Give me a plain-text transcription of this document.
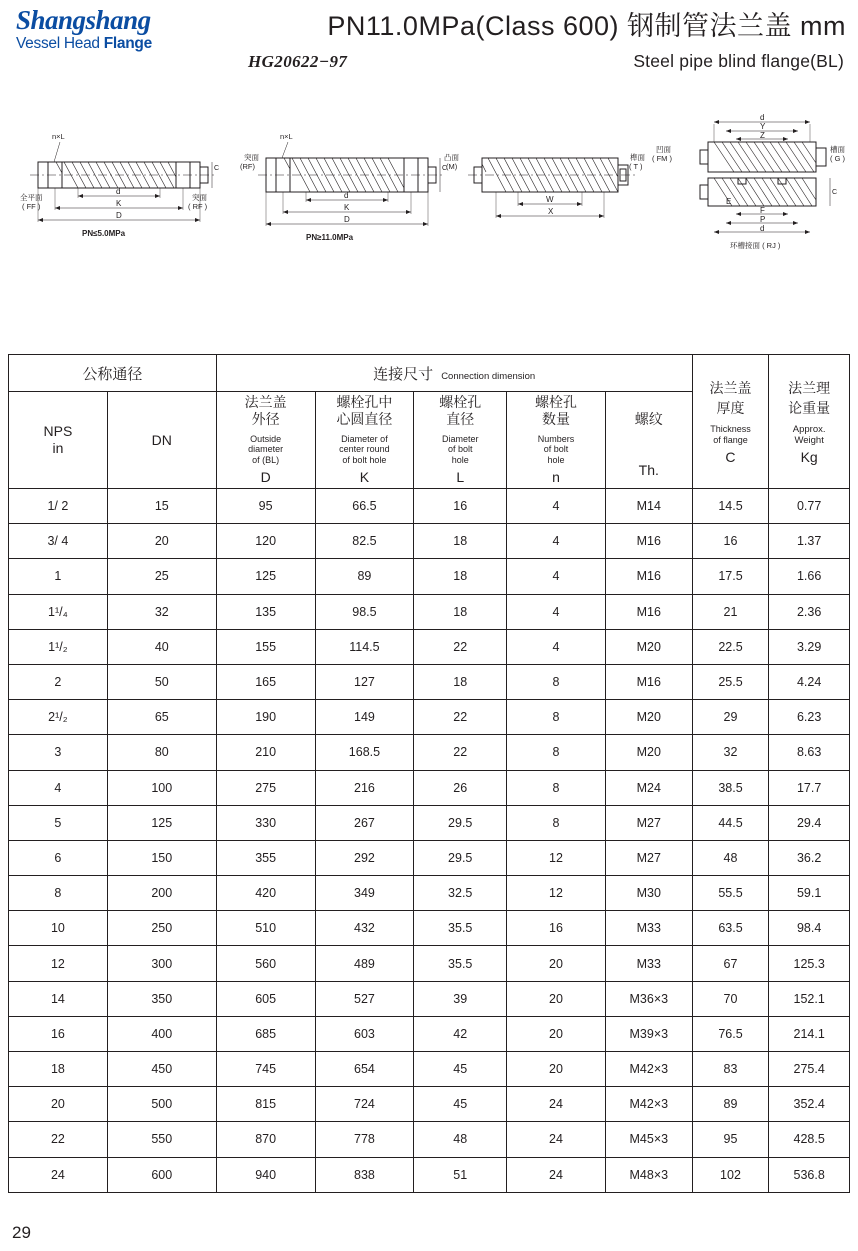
Shangshang
Vessel Head Flange
PN11.0MPa(Class 600) 钢制管法兰盖 mm
HG20622−97	Steel pipe blind flange(BL)
d
K
D
n×L
C
全平面
( FF )
突面
( RF )
PN≤5.0MPa
d
K
D
n×L
C
突面
(RF)
PN≥11.0MPa
W
X
凸面
(M)
榫面
( T )
d
Y
Z
凹面
( FM )
槽面
( G )
F
P
d
E
C
环槽接面 ( RJ )
公称通径	连接尺寸 Connection dimension	
法兰盖
厚度
Thickness
of flange
C

法兰理
论重量
Approx.
Weight
Kg

NPS
in

DN

法兰盖
外径
Outside
diameter
of (BL)
D

螺栓孔中
心圆直径
Diameter of
center round
of bolt hole
K

螺栓孔
直径
Diameter
of bolt
hole
L

螺栓孔
数量
Numbers
of bolt
hole
n

螺纹
Th.

1/ 2	15	95	66.5	16	4	M14	14.5	0.77
3/ 4	20	120	82.5	18	4	M16	16	1.37
1	25	125	89	18	4	M16	17.5	1.66
1¹/₄	32	135	98.5	18	4	M16	21	2.36
1¹/₂	40	155	114.5	22	4	M20	22.5	3.29
2	50	165	127	18	8	M16	25.5	4.24
2¹/₂	65	190	149	22	8	M20	29	6.23
3	80	210	168.5	22	8	M20	32	8.63
4	100	275	216	26	8	M24	38.5	17.7
5	125	330	267	29.5	8	M27	44.5	29.4
6	150	355	292	29.5	12	M27	48	36.2
8	200	420	349	32.5	12	M30	55.5	59.1
10	250	510	432	35.5	16	M33	63.5	98.4
12	300	560	489	35.5	20	M33	67	125.3
14	350	605	527	39	20	M36×3	70	152.1
16	400	685	603	42	20	M39×3	76.5	214.1
18	450	745	654	45	20	M42×3	83	275.4
20	500	815	724	45	24	M42×3	89	352.4
22	550	870	778	48	24	M45×3	95	428.5
24	600	940	838	51	24	M48×3	102	536.8
29
